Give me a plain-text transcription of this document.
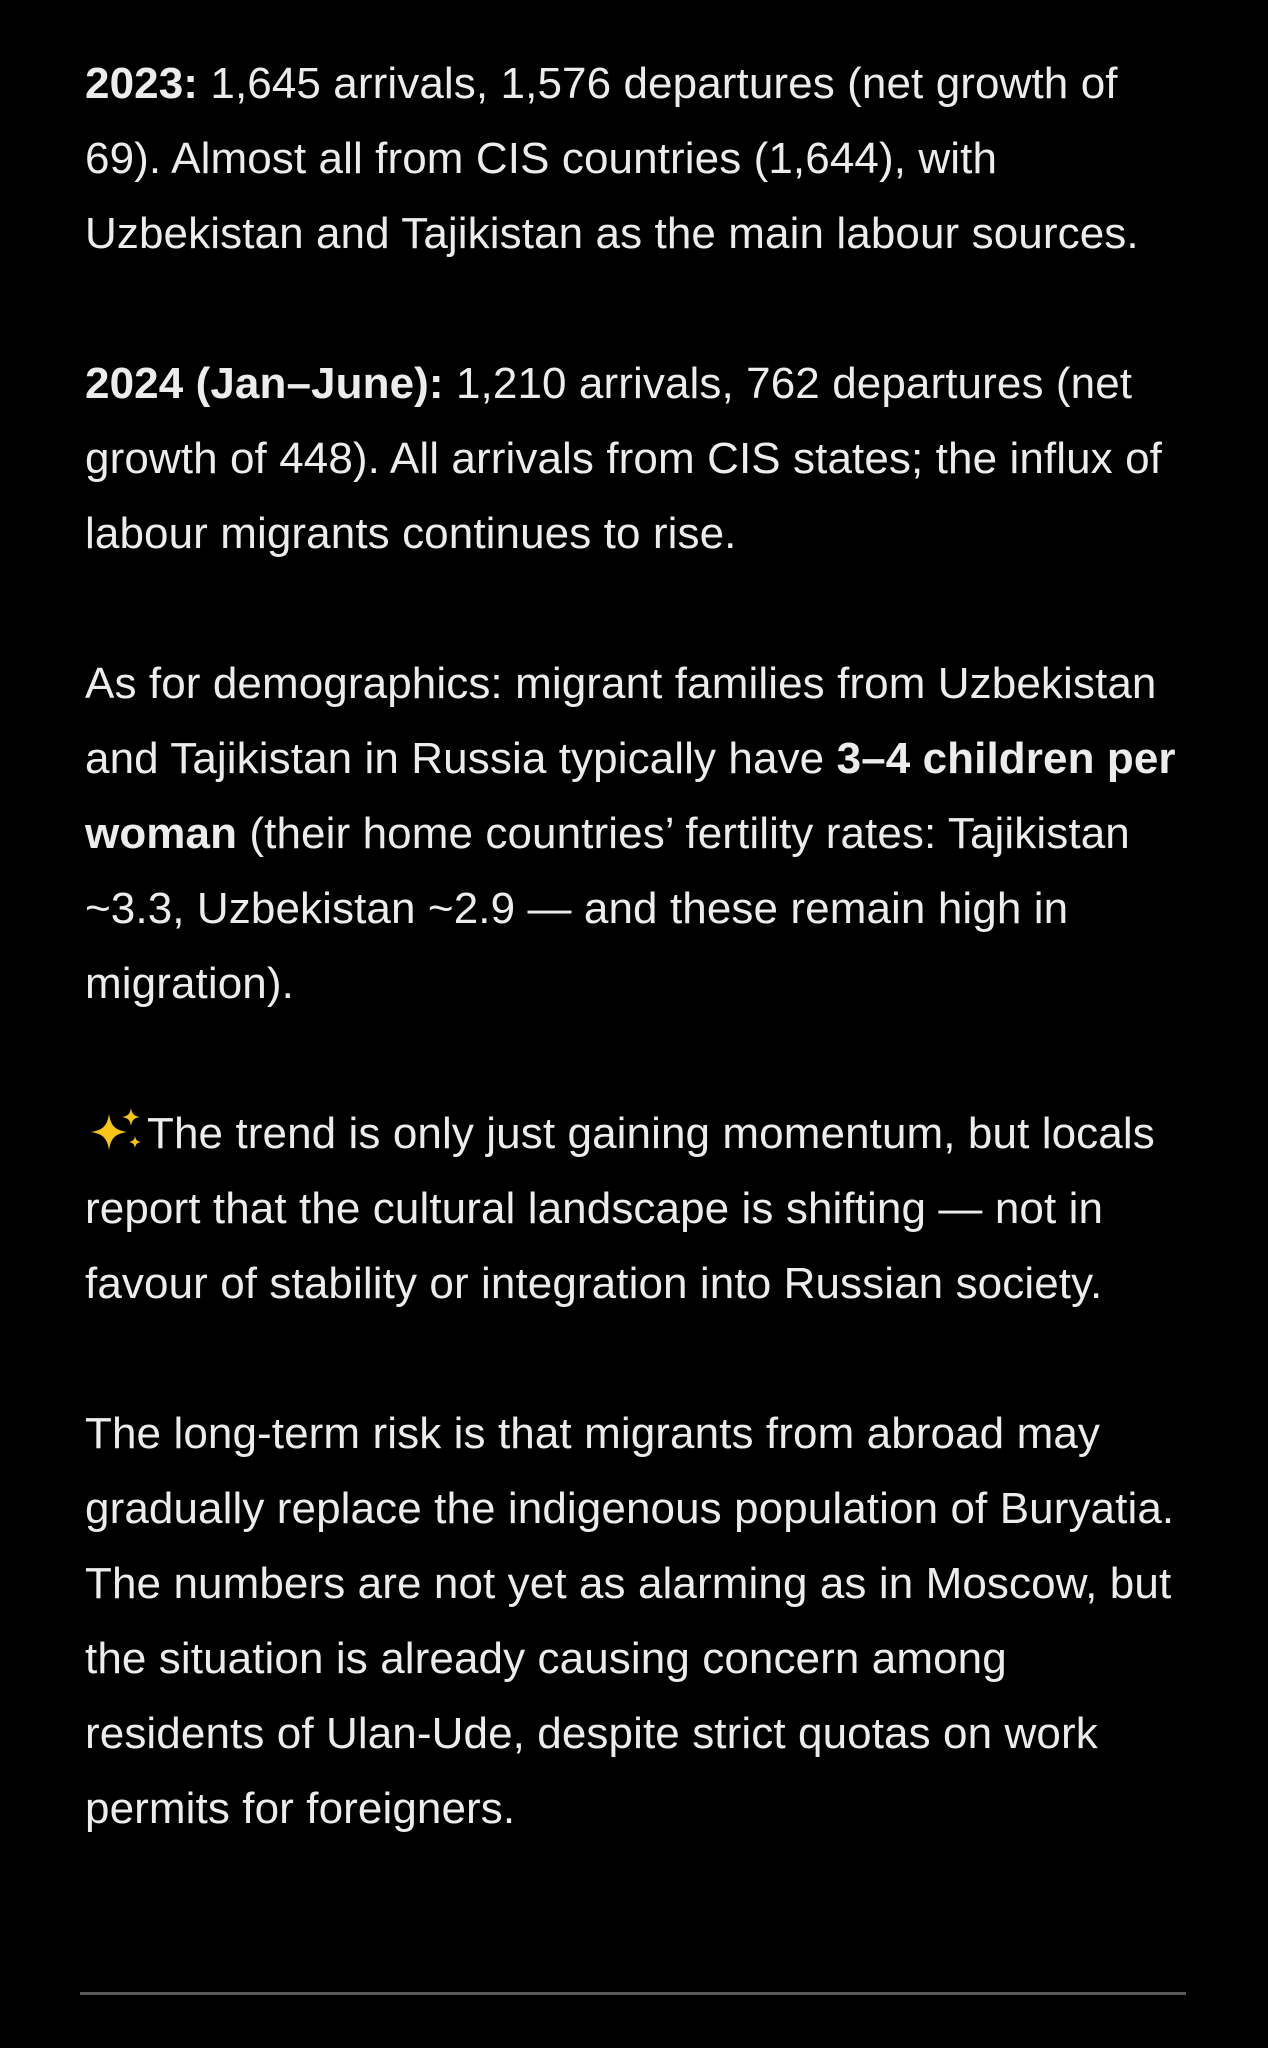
2023: 1,645 arrivals, 1,576 departures (net growth of 69). Almost all from CIS countries (1,644), with Uzbekistan and Tajikistan as the main labour sources.

2024 (Jan–June): 1,210 arrivals, 762 departures (net growth of 448). All arrivals from CIS states; the influx of labour migrants continues to rise.

As for demographics: migrant families from Uzbekistan and Tajikistan in Russia typically have 3–4 children per woman (their home countries’ fertility rates: Tajikistan ~3.3, Uzbekistan ~2.9 — and these remain high in migration).

The trend is only just gaining momentum, but locals report that the cultural landscape is shifting — not in favour of stability or integration into Russian society.

The long-term risk is that migrants from abroad may gradually replace the indigenous population of Buryatia. The numbers are not yet as alarming as in Moscow, but the situation is already causing concern among residents of Ulan-Ude, despite strict quotas on work permits for foreigners.
